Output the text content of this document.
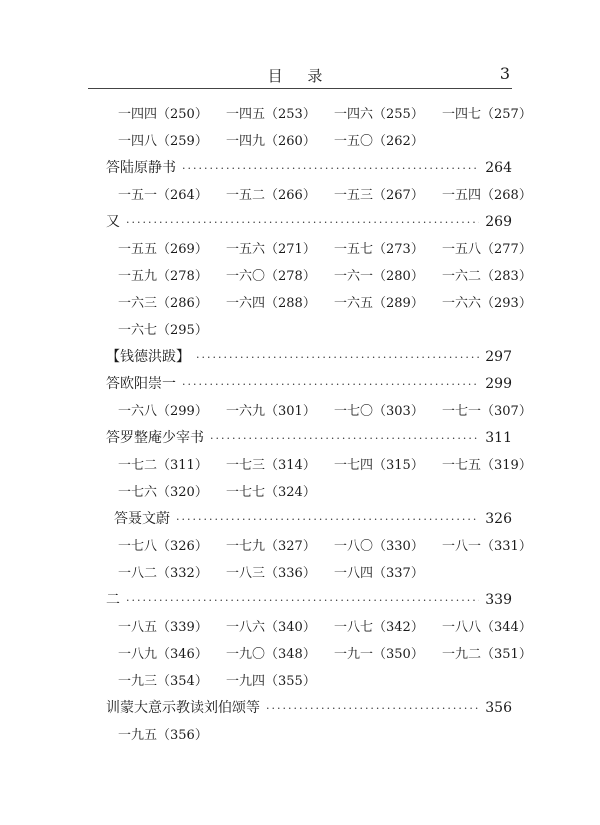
目 录	3
一四四（250）	一四五（253）	一四六（255）	一四七（257）
一四八（259）	一四九（260）	一五〇（262）
答陆原静书 ·····	264
一五一（264）	一五二（266）	一五三（267）	一五四（268）
又 ·····	269
一五五（269）	一五六（271）	一五七（273）	一五八（277）
一五九（278）	一六〇（278）	一六一（280）	一六二（283）
一六三（286）	一六四（288）	一六五（289）	一六六（293）
一六七（295）
【钱德洪跋】 ·····	297
答欧阳崇一 ·····	299
一六八（299）	一六九（301）	一七〇（303）	一七一（307）
答罗整庵少宰书 ·····	311
一七二（311）	一七三（314）	一七四（315）	一七五（319）
一七六（320）	一七七（324）
答聂文蔚 ·····	326
一七八（326）	一七九（327）	一八〇（330）	一八一（331）
一八二（332）	一八三（336）	一八四（337）
二 ·····	339
一八五（339）	一八六（340）	一八七（342）	一八八（344）
一八九（346）	一九〇（348）	一九一（350）	一九二（351）
一九三（354）	一九四（355）
训蒙大意示教读刘伯颂等 ·····	356
一九五（356）
